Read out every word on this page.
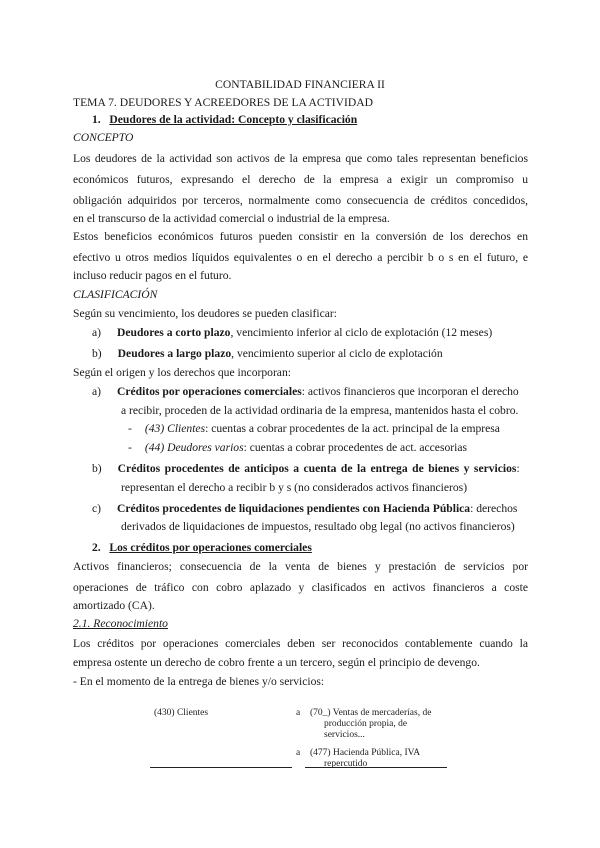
CONTABILIDAD FINANCIERA II
TEMA 7. DEUDORES Y ACREEDORES DE LA ACTIVIDAD
1. Deudores de la actividad: Concepto y clasificación
CONCEPTO
Los deudores de la actividad son activos de la empresa que como tales representan beneficios
económicos futuros, expresando el derecho de la empresa a exigir un compromiso u
obligación adquiridos por terceros, normalmente como consecuencia de créditos concedidos,
en el transcurso de la actividad comercial o industrial de la empresa.
Estos beneficios económicos futuros pueden consistir en la conversión de los derechos en
efectivo u otros medios líquidos equivalentes o en el derecho a percibir b o s en el futuro, e
incluso reducir pagos en el futuro.
CLASIFICACIÓN
Según su vencimiento, los deudores se pueden clasificar:
a) Deudores a corto plazo, vencimiento inferior al ciclo de explotación (12 meses)
b) Deudores a largo plazo, vencimiento superior al ciclo de explotación
Según el origen y los derechos que incorporan:
a) Créditos por operaciones comerciales: activos financieros que incorporan el derecho
a recibir, proceden de la actividad ordinaria de la empresa, mantenidos hasta el cobro.
- (43) Clientes: cuentas a cobrar procedentes de la act. principal de la empresa
- (44) Deudores varios: cuentas a cobrar procedentes de act. accesorias
b) Créditos procedentes de anticipos a cuenta de la entrega de bienes y servicios:
representan el derecho a recibir b y s (no considerados activos financieros)
c) Créditos procedentes de liquidaciones pendientes con Hacienda Pública: derechos
derivados de liquidaciones de impuestos, resultado obg legal (no activos financieros)
2. Los créditos por operaciones comerciales
Activos financieros; consecuencia de la venta de bienes y prestación de servicios por
operaciones de tráfico con cobro aplazado y clasificados en activos financieros a coste
amortizado (CA).
2.1. Reconocimiento
Los créditos por operaciones comerciales deben ser reconocidos contablemente cuando la
empresa ostente un derecho de cobro frente a un tercero, según el principio de devengo.
- En el momento de la entrega de bienes y/o servicios:
(430) Clientes	a (70_) Ventas de mercaderías, de
producción propia, de
servicios...
a (477) Hacienda Pública, IVA
repercutido
